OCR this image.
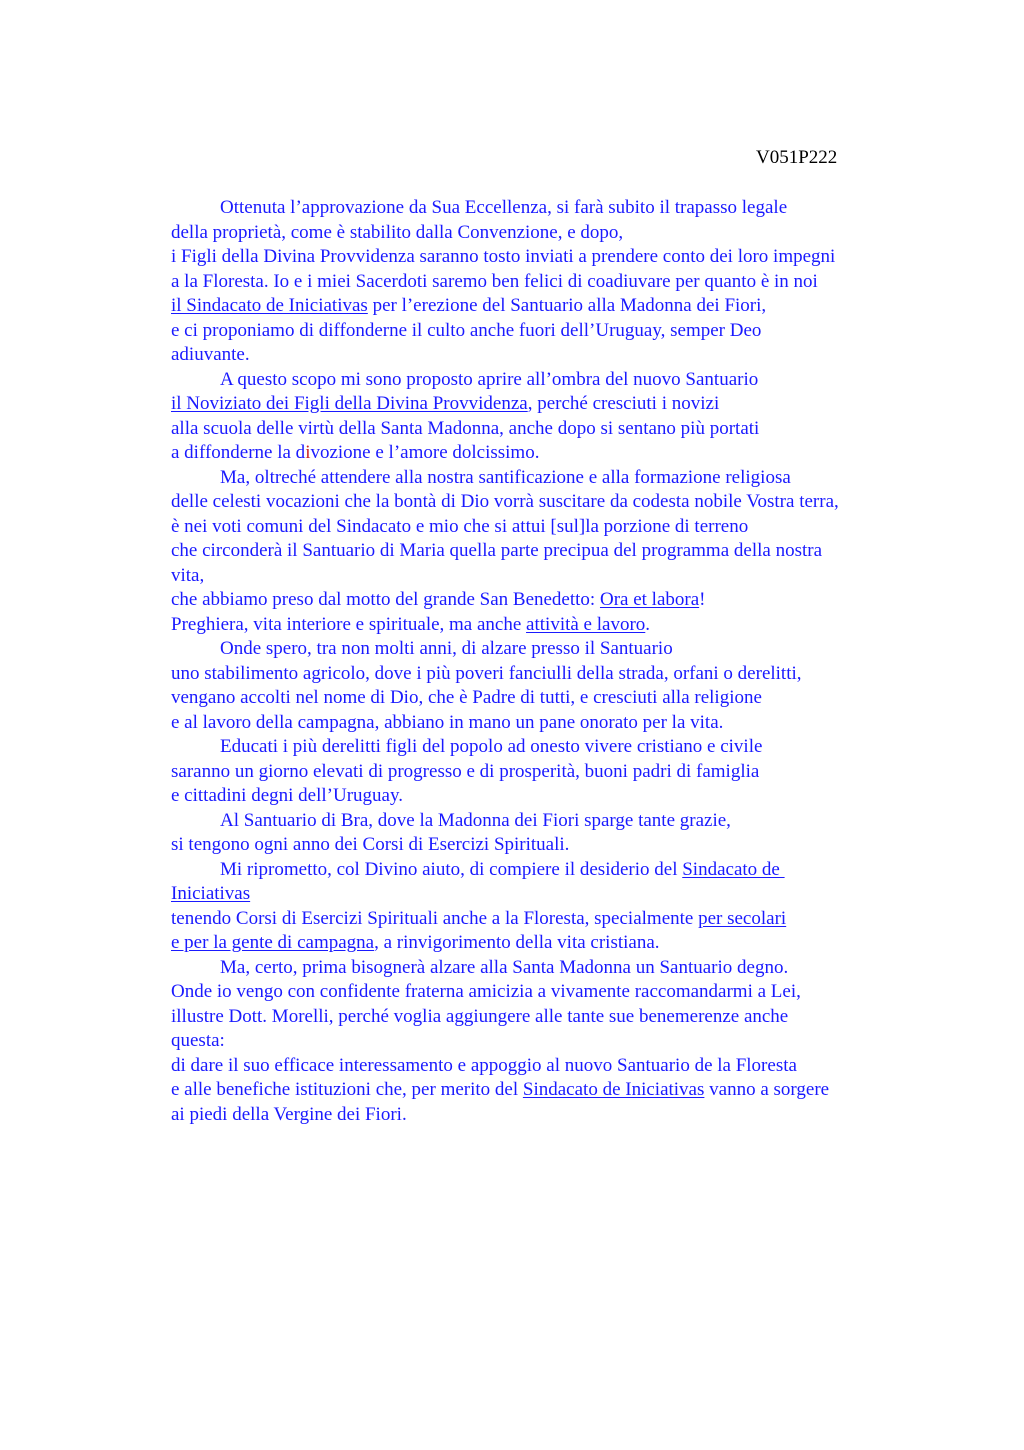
V051P222
Ottenuta l’approvazione da Sua Eccellenza, si farà subito il trapasso legale
della proprietà, come è stabilito dalla Convenzione, e dopo,
i Figli della Divina Provvidenza saranno tosto inviati a prendere conto dei loro impegni
a la Floresta. Io e i miei Sacerdoti saremo ben felici di coadiuvare per quanto è in noi
il Sindacato de Iniciativas per l’erezione del Santuario alla Madonna dei Fiori,
e ci proponiamo di diffonderne il culto anche fuori dell’Uruguay, semper Deo
adiuvante.
A questo scopo mi sono proposto aprire all’ombra del nuovo Santuario
il Noviziato dei Figli della Divina Provvidenza, perché cresciuti i novizi
alla scuola delle virtù della Santa Madonna, anche dopo si sentano più portati
a diffonderne la divozione e l’amore dolcissimo.
Ma, oltreché attendere alla nostra santificazione e alla formazione religiosa
delle celesti vocazioni che la bontà di Dio vorrà suscitare da codesta nobile Vostra terra,
è nei voti comuni del Sindacato e mio che si attui [sul]la porzione di terreno
che circonderà il Santuario di Maria quella parte precipua del programma della nostra
vita,
che abbiamo preso dal motto del grande San Benedetto: Ora et labora!
Preghiera, vita interiore e spirituale, ma anche attività e lavoro.
Onde spero, tra non molti anni, di alzare presso il Santuario
uno stabilimento agricolo, dove i più poveri fanciulli della strada, orfani o derelitti,
vengano accolti nel nome di Dio, che è Padre di tutti, e cresciuti alla religione
e al lavoro della campagna, abbiano in mano un pane onorato per la vita.
Educati i più derelitti figli del popolo ad onesto vivere cristiano e civile
saranno un giorno elevati di progresso e di prosperità, buoni padri di famiglia
e cittadini degni dell’Uruguay.
Al Santuario di Bra, dove la Madonna dei Fiori sparge tante grazie,
si tengono ogni anno dei Corsi di Esercizi Spirituali.
Mi riprometto, col Divino aiuto, di compiere il desiderio del Sindacato de
Iniciativas
tenendo Corsi di Esercizi Spirituali anche a la Floresta, specialmente per secolari
e per la gente di campagna, a rinvigorimento della vita cristiana.
Ma, certo, prima bisognerà alzare alla Santa Madonna un Santuario degno.
Onde io vengo con confidente fraterna amicizia a vivamente raccomandarmi a Lei,
illustre Dott. Morelli, perché voglia aggiungere alle tante sue benemerenze anche
questa:
di dare il suo efficace interessamento e appoggio al nuovo Santuario de la Floresta
e alle benefiche istituzioni che, per merito del Sindacato de Iniciativas vanno a sorgere
ai piedi della Vergine dei Fiori.
